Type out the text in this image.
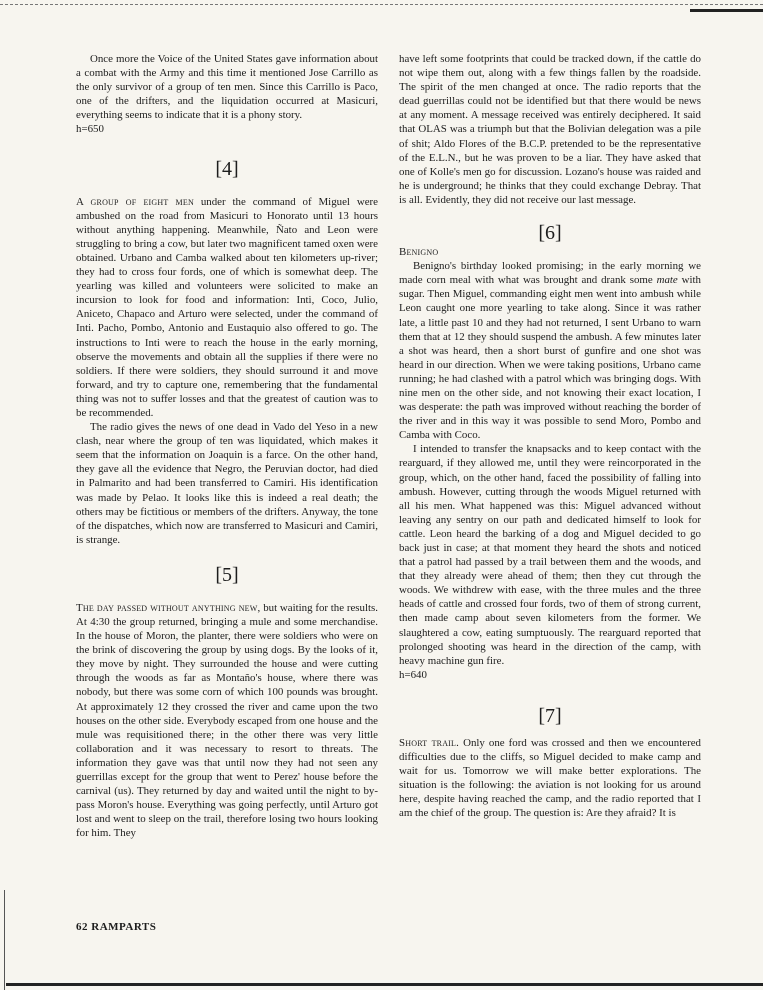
Once more the Voice of the United States gave information about a combat with the Army and this time it mentioned Jose Carrillo as the only survivor of a group of ten men. Since this Carrillo is Paco, one of the drifters, and the liquidation occurred at Masicuri, everything seems to indicate that it is a phony story.

h=650

[4]

A group of eight men under the command of Miguel were ambushed on the road from Masicuri to Honorato until 13 hours without anything happening. Meanwhile, Ñato and Leon were struggling to bring a cow, but later two magnificent tamed oxen were obtained. Urbano and Camba walked about ten kilometers up-river; they had to cross four fords, one of which is somewhat deep. The yearling was killed and volunteers were solicited to make an incursion to look for food and information: Inti, Coco, Julio, Aniceto, Chapaco and Arturo were selected, under the command of Inti. Pacho, Pombo, Antonio and Eustaquio also offered to go. The instructions to Inti were to reach the house in the early morning, observe the movements and obtain all the supplies if there were no soldiers. If there were soldiers, they should surround it and move forward, and try to capture one, remembering that the fundamental thing was not to suffer losses and that the greatest of caution was to be recommended.

The radio gives the news of one dead in Vado del Yeso in a new clash, near where the group of ten was liquidated, which makes it seem that the information on Joaquin is a farce. On the other hand, they gave all the evidence that Negro, the Peruvian doctor, had died in Palmarito and had been transferred to Camiri. His identification was made by Pelao. It looks like this is indeed a real death; the others may be fictitious or members of the drifters. Anyway, the tone of the dispatches, which now are transferred to Masicuri and Camiri, is strange.

[5]

The day passed without anything new, but waiting for the results. At 4:30 the group returned, bringing a mule and some merchandise. In the house of Moron, the planter, there were soldiers who were on the brink of discovering the group by using dogs. By the looks of it, they move by night. They surrounded the house and were cutting through the woods as far as Montaño's house, where there was nobody, but there was some corn of which 100 pounds was brought. At approximately 12 they crossed the river and came upon the two houses on the other side. Everybody escaped from one house and the mule was requisitioned there; in the other there was very little collaboration and it was necessary to resort to threats. The information they gave was that until now they had not seen any guerrillas except for the group that went to Perez' house before the carnival (us). They returned by day and waited until the night to by-pass Moron's house. Everything was going perfectly, until Arturo got lost and went to sleep on the trail, therefore losing two hours looking for him. They

have left some footprints that could be tracked down, if the cattle do not wipe them out, along with a few things fallen by the roadside. The spirit of the men changed at once. The radio reports that the dead guerrillas could not be identified but that there would be news at any moment. A message received was entirely deciphered. It said that OLAS was a triumph but that the Bolivian delegation was a pile of shit; Aldo Flores of the B.C.P. pretended to be the representative of the E.L.N., but he was proven to be a liar. They have asked that one of Kolle's men go for discussion. Lozano's house was raided and he is underground; he thinks that they could exchange Debray. That is all. Evidently, they did not receive our last message.

[6]

Benigno

Benigno's birthday looked promising; in the early morning we made corn meal with what was brought and drank some mate with sugar. Then Miguel, commanding eight men went into ambush while Leon caught one more yearling to take along. Since it was rather late, a little past 10 and they had not returned, I sent Urbano to warn them that at 12 they should suspend the ambush. A few minutes later a shot was heard, then a short burst of gunfire and one shot was heard in our direction. When we were taking positions, Urbano came running; he had clashed with a patrol which was bringing dogs. With nine men on the other side, and not knowing their exact location, I was desperate: the path was improved without reaching the border of the river and in this way it was possible to send Moro, Pombo and Camba with Coco.

I intended to transfer the knapsacks and to keep contact with the rearguard, if they allowed me, until they were reincorporated in the group, which, on the other hand, faced the possibility of falling into ambush. However, cutting through the woods Miguel returned with all his men. What happened was this: Miguel advanced without leaving any sentry on our path and dedicated himself to look for cattle. Leon heard the barking of a dog and Miguel decided to go back just in case; at that moment they heard the shots and noticed that a patrol had passed by a trail between them and the woods, and that they already were ahead of them; then they cut through the woods. We withdrew with ease, with the three mules and the three heads of cattle and crossed four fords, two of them of strong current, then made camp about seven kilometers from the former. We slaughtered a cow, eating sumptuously. The rearguard reported that prolonged shooting was heard in the direction of the camp, with heavy machine gun fire.

h=640

[7]

Short trail. Only one ford was crossed and then we encountered difficulties due to the cliffs, so Miguel decided to make camp and wait for us. Tomorrow we will make better explorations. The situation is the following: the aviation is not looking for us around here, despite having reached the camp, and the radio reported that I am the chief of the group. The question is: Are they afraid? It is

62 RAMPARTS
